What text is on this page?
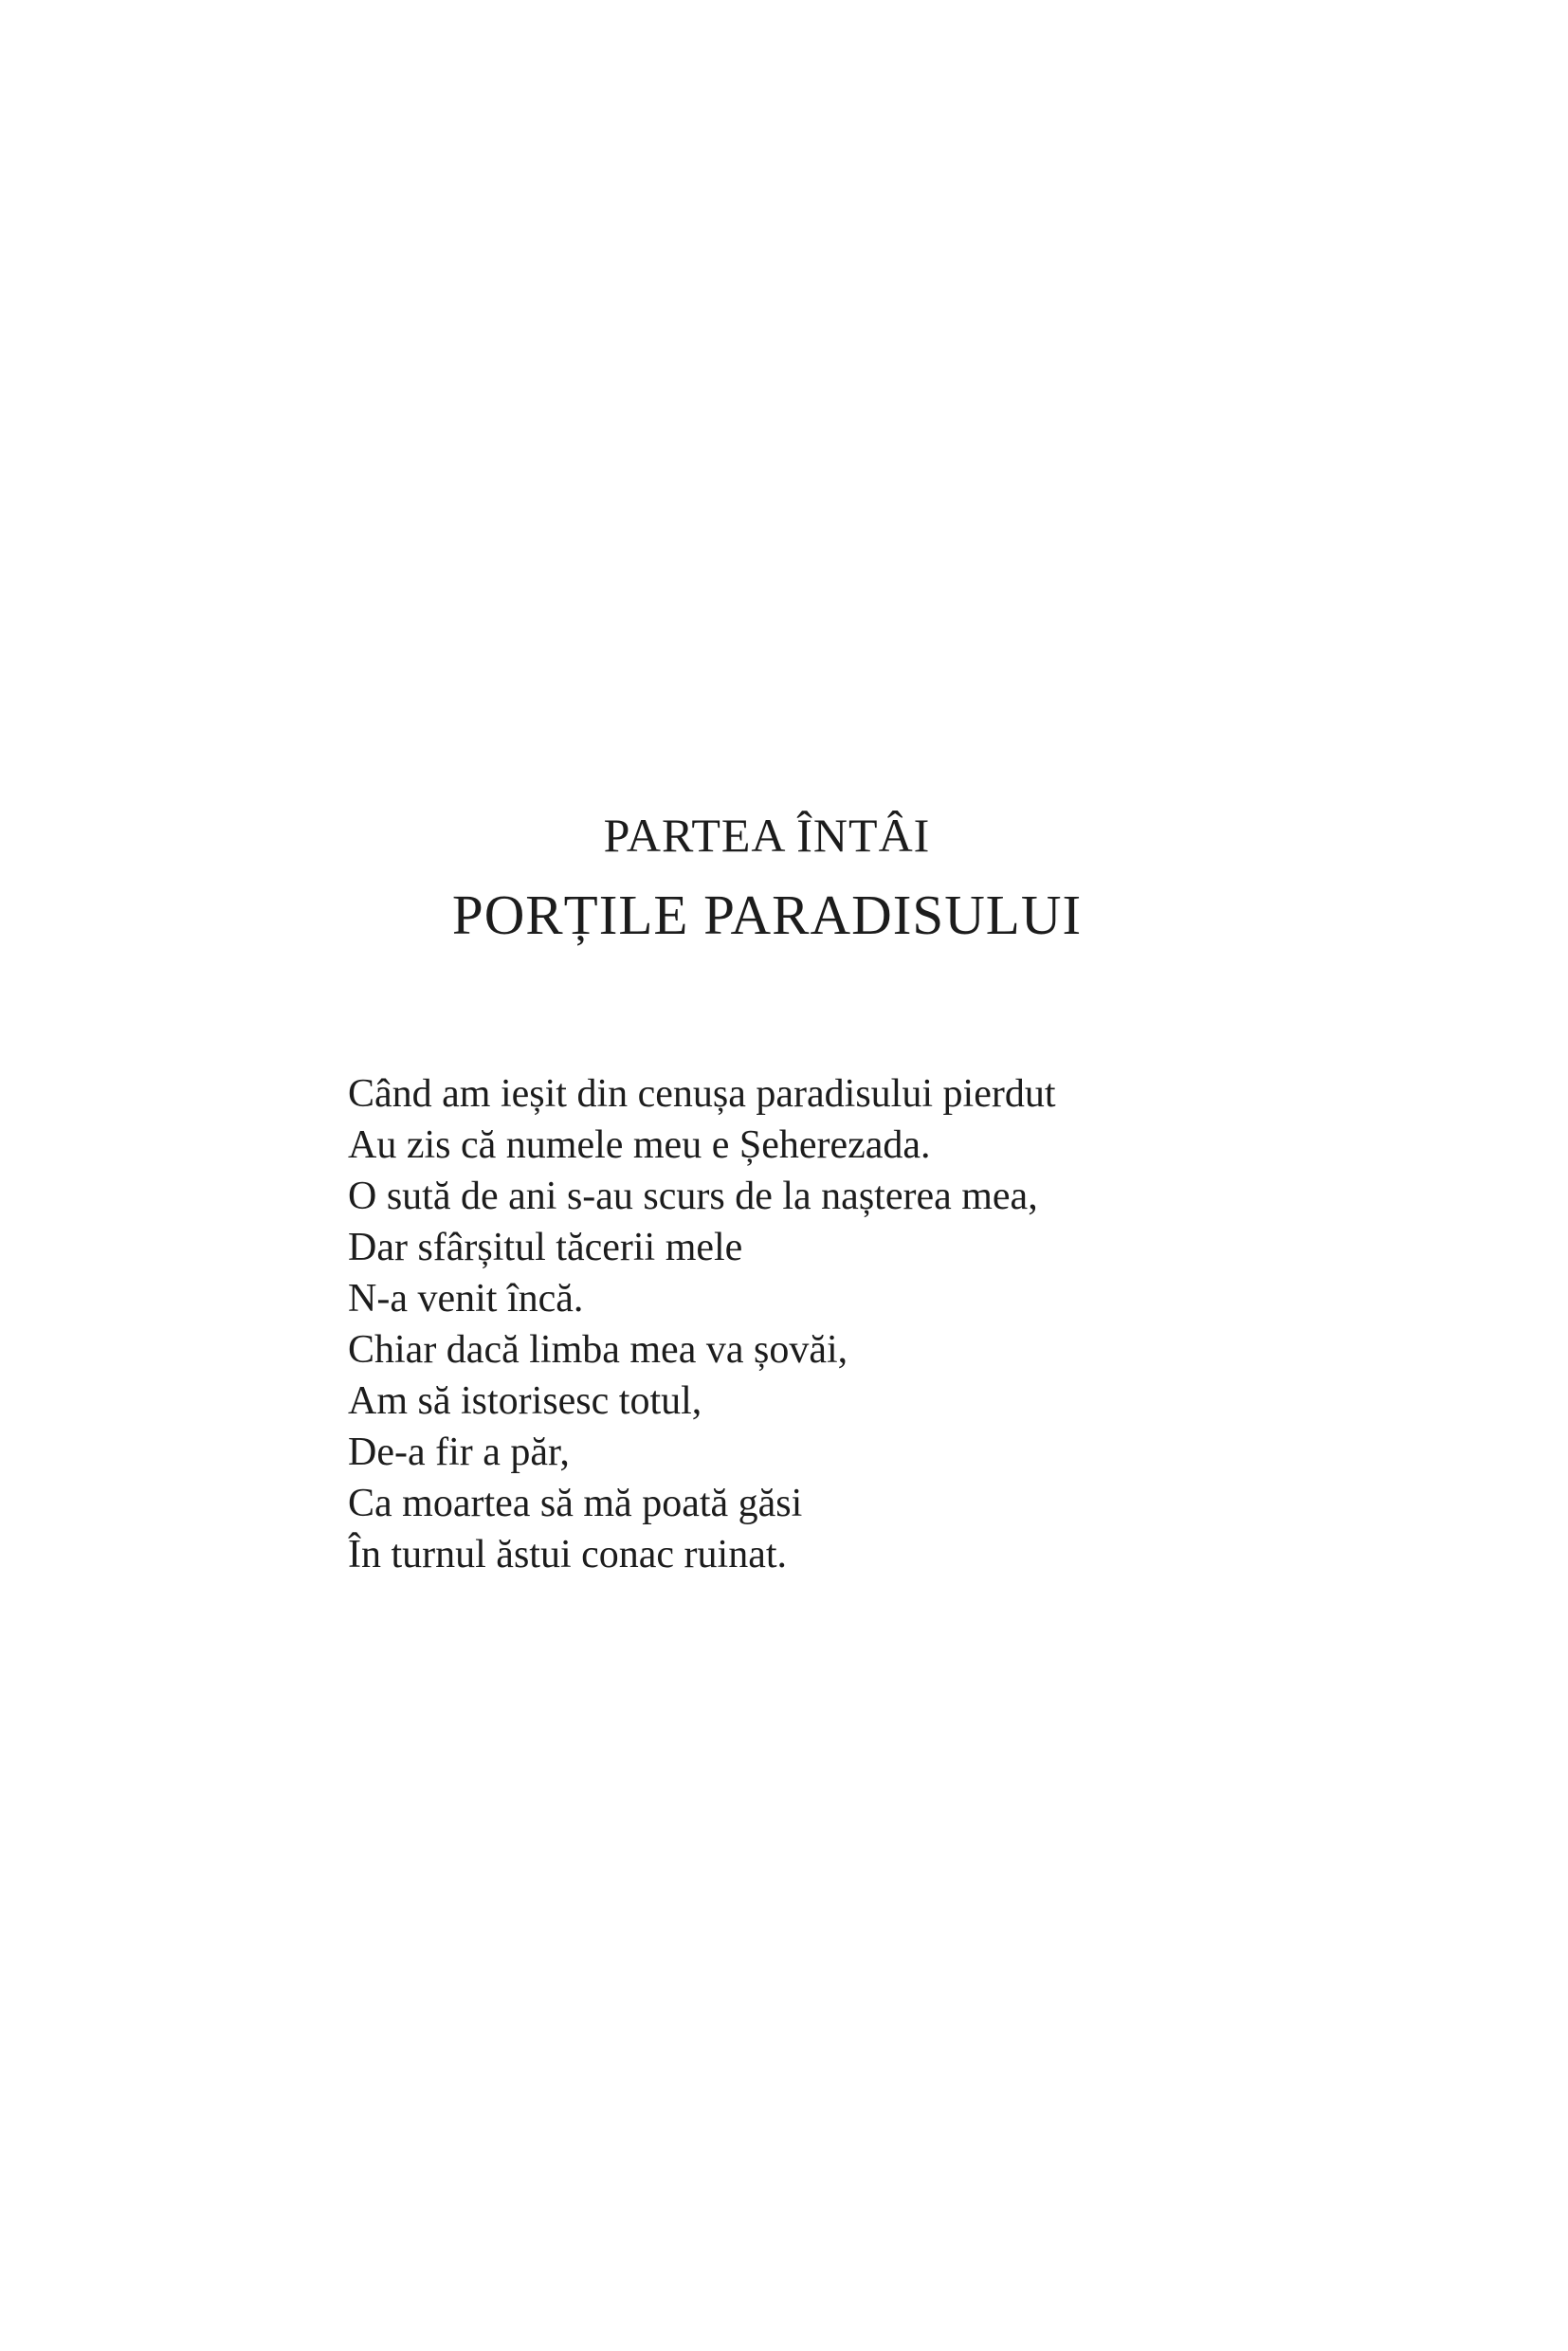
PARTEA ÎNTÂI
PORȚILE PARADISULUI
Când am ieșit din cenușa paradisului pierdut
Au zis că numele meu e Șeherezada.
O sută de ani s-au scurs de la nașterea mea,
Dar sfârșitul tăcerii mele
N-a venit încă.
Chiar dacă limba mea va șovăi,
Am să istorisesc totul,
De-a fir a păr,
Ca moartea să mă poată găsi
În turnul ăstui conac ruinat.
